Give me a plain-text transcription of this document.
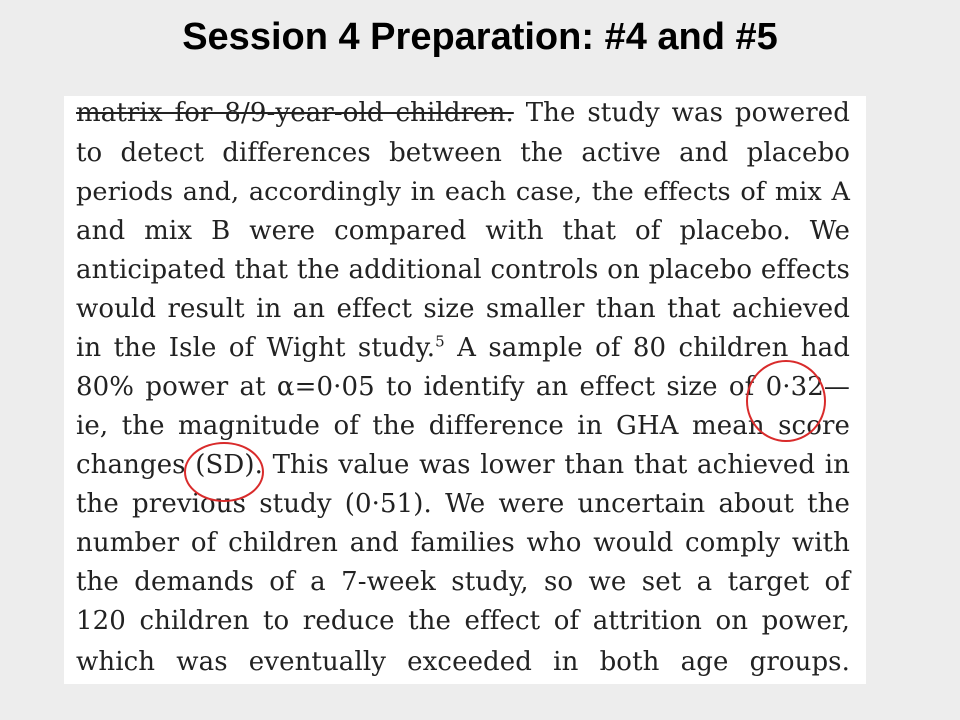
Session 4 Preparation: #4 and #5
matrix for 8/9-year-old children. The study was powered
to detect differences between the active and placebo
periods and, accordingly in each case, the effects of mix A
and mix B were compared with that of placebo. We
anticipated that the additional controls on placebo effects
would result in an effect size smaller than that achieved
in the Isle of Wight study.$^5$ A sample of 80 children had
80% power at α=0·05 to identify an effect size of 0·32—
ie, the magnitude of the difference in GHA mean score
changes (SD). This value was lower than that achieved in
the previous study (0·51). We were uncertain about the
number of children and families who would comply with
the demands of a 7-week study, so we set a target of
120 children to reduce the effect of attrition on power,
which was eventually exceeded in both age groups.
